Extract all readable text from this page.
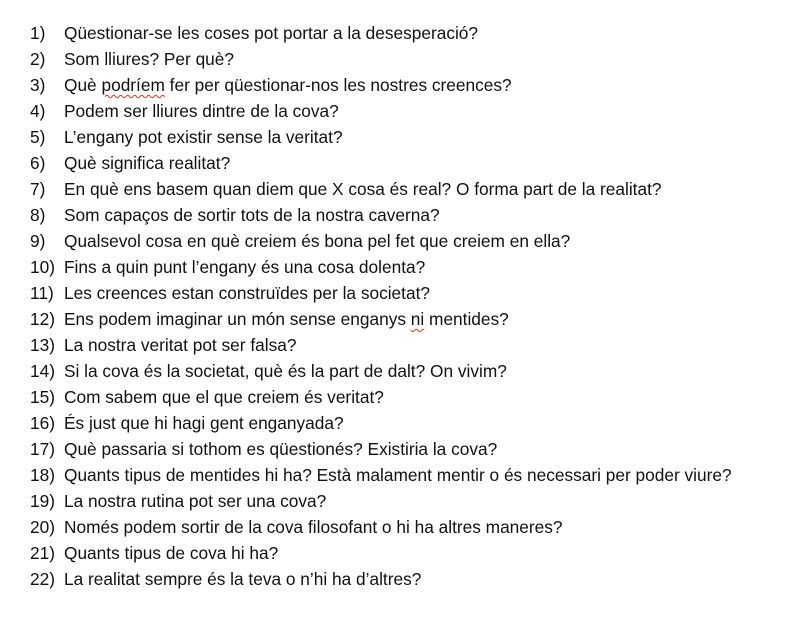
1)	Qüestionar-se les coses pot portar a la desesperació?
2)	Som lliures? Per què?
3)	Què podríem fer per qüestionar-nos les nostres creences?
4)	Podem ser lliures dintre de la cova?
5)	L’engany pot existir sense la veritat?
6)	Què significa realitat?
7)	En què ens basem quan diem que X cosa és real? O forma part de la realitat?
8)	Som capaços de sortir tots de la nostra caverna?
9)	Qualsevol cosa en què creiem és bona pel fet que creiem en ella?
10) Fins a quin punt l’engany és una cosa dolenta?
11) Les creences estan construïdes per la societat?
12) Ens podem imaginar un món sense enganys ni mentides?
13) La nostra veritat pot ser falsa?
14) Si la cova és la societat, què és la part de dalt? On vivim?
15) Com sabem que el que creiem és veritat?
16) És just que hi hagi gent enganyada?
17) Què passaria si tothom es qüestionés? Existiria la cova?
18) Quants tipus de mentides hi ha? Està malament mentir o és necessari per poder viure?
19) La nostra rutina pot ser una cova?
20) Només podem sortir de la cova filosofant o hi ha altres maneres?
21) Quants tipus de cova hi ha?
22) La realitat sempre és la teva o n’hi ha d’altres?
